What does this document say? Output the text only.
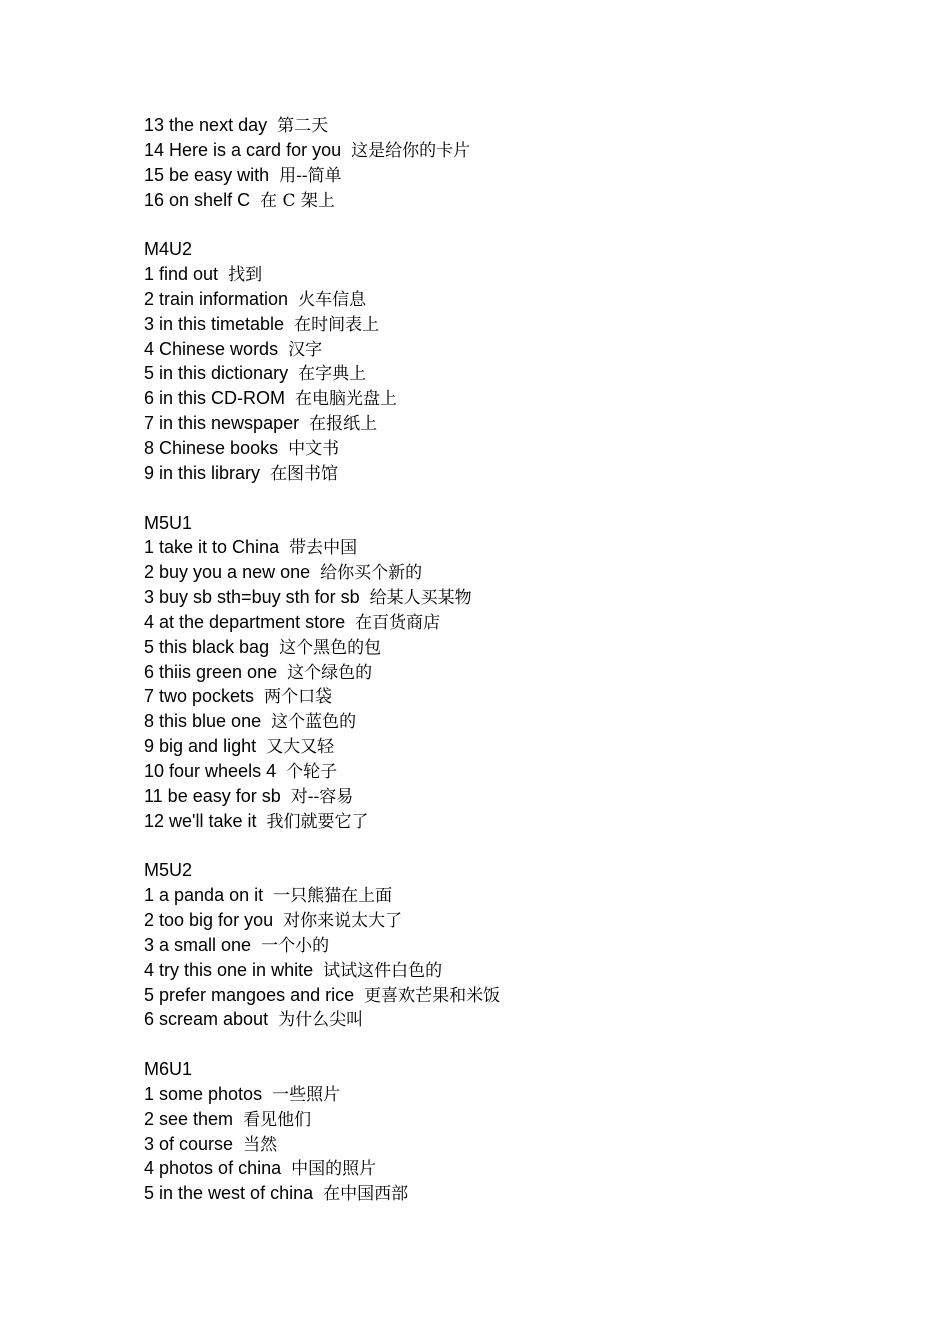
13 the next day 第二天
14 Here is a card for you 这是给你的卡片
15 be easy with 用--简单
16 on shelf C 在 C 架上
M4U2
1 find out 找到
2 train information 火车信息
3 in this timetable 在时间表上
4 Chinese words 汉字
5 in this dictionary 在字典上
6 in this CD-ROM 在电脑光盘上
7 in this newspaper 在报纸上
8 Chinese books 中文书
9 in this library 在图书馆
M5U1
1 take it to China 带去中国
2 buy you a new one 给你买个新的
3 buy sb sth=buy sth for sb 给某人买某物
4 at the department store 在百货商店
5 this black bag 这个黑色的包
6 thiis green one 这个绿色的
7 two pockets 两个口袋
8 this blue one 这个蓝色的
9 big and light 又大又轻
10 four wheels 4 个轮子
11 be easy for sb 对--容易
12 we'll take it 我们就要它了
M5U2
1 a panda on it 一只熊猫在上面
2 too big for you 对你来说太大了
3 a small one 一个小的
4 try this one in white 试试这件白色的
5 prefer mangoes and rice 更喜欢芒果和米饭
6 scream about 为什么尖叫
M6U1
1 some photos 一些照片
2 see them 看见他们
3 of course 当然
4 photos of china 中国的照片
5 in the west of china 在中国西部
